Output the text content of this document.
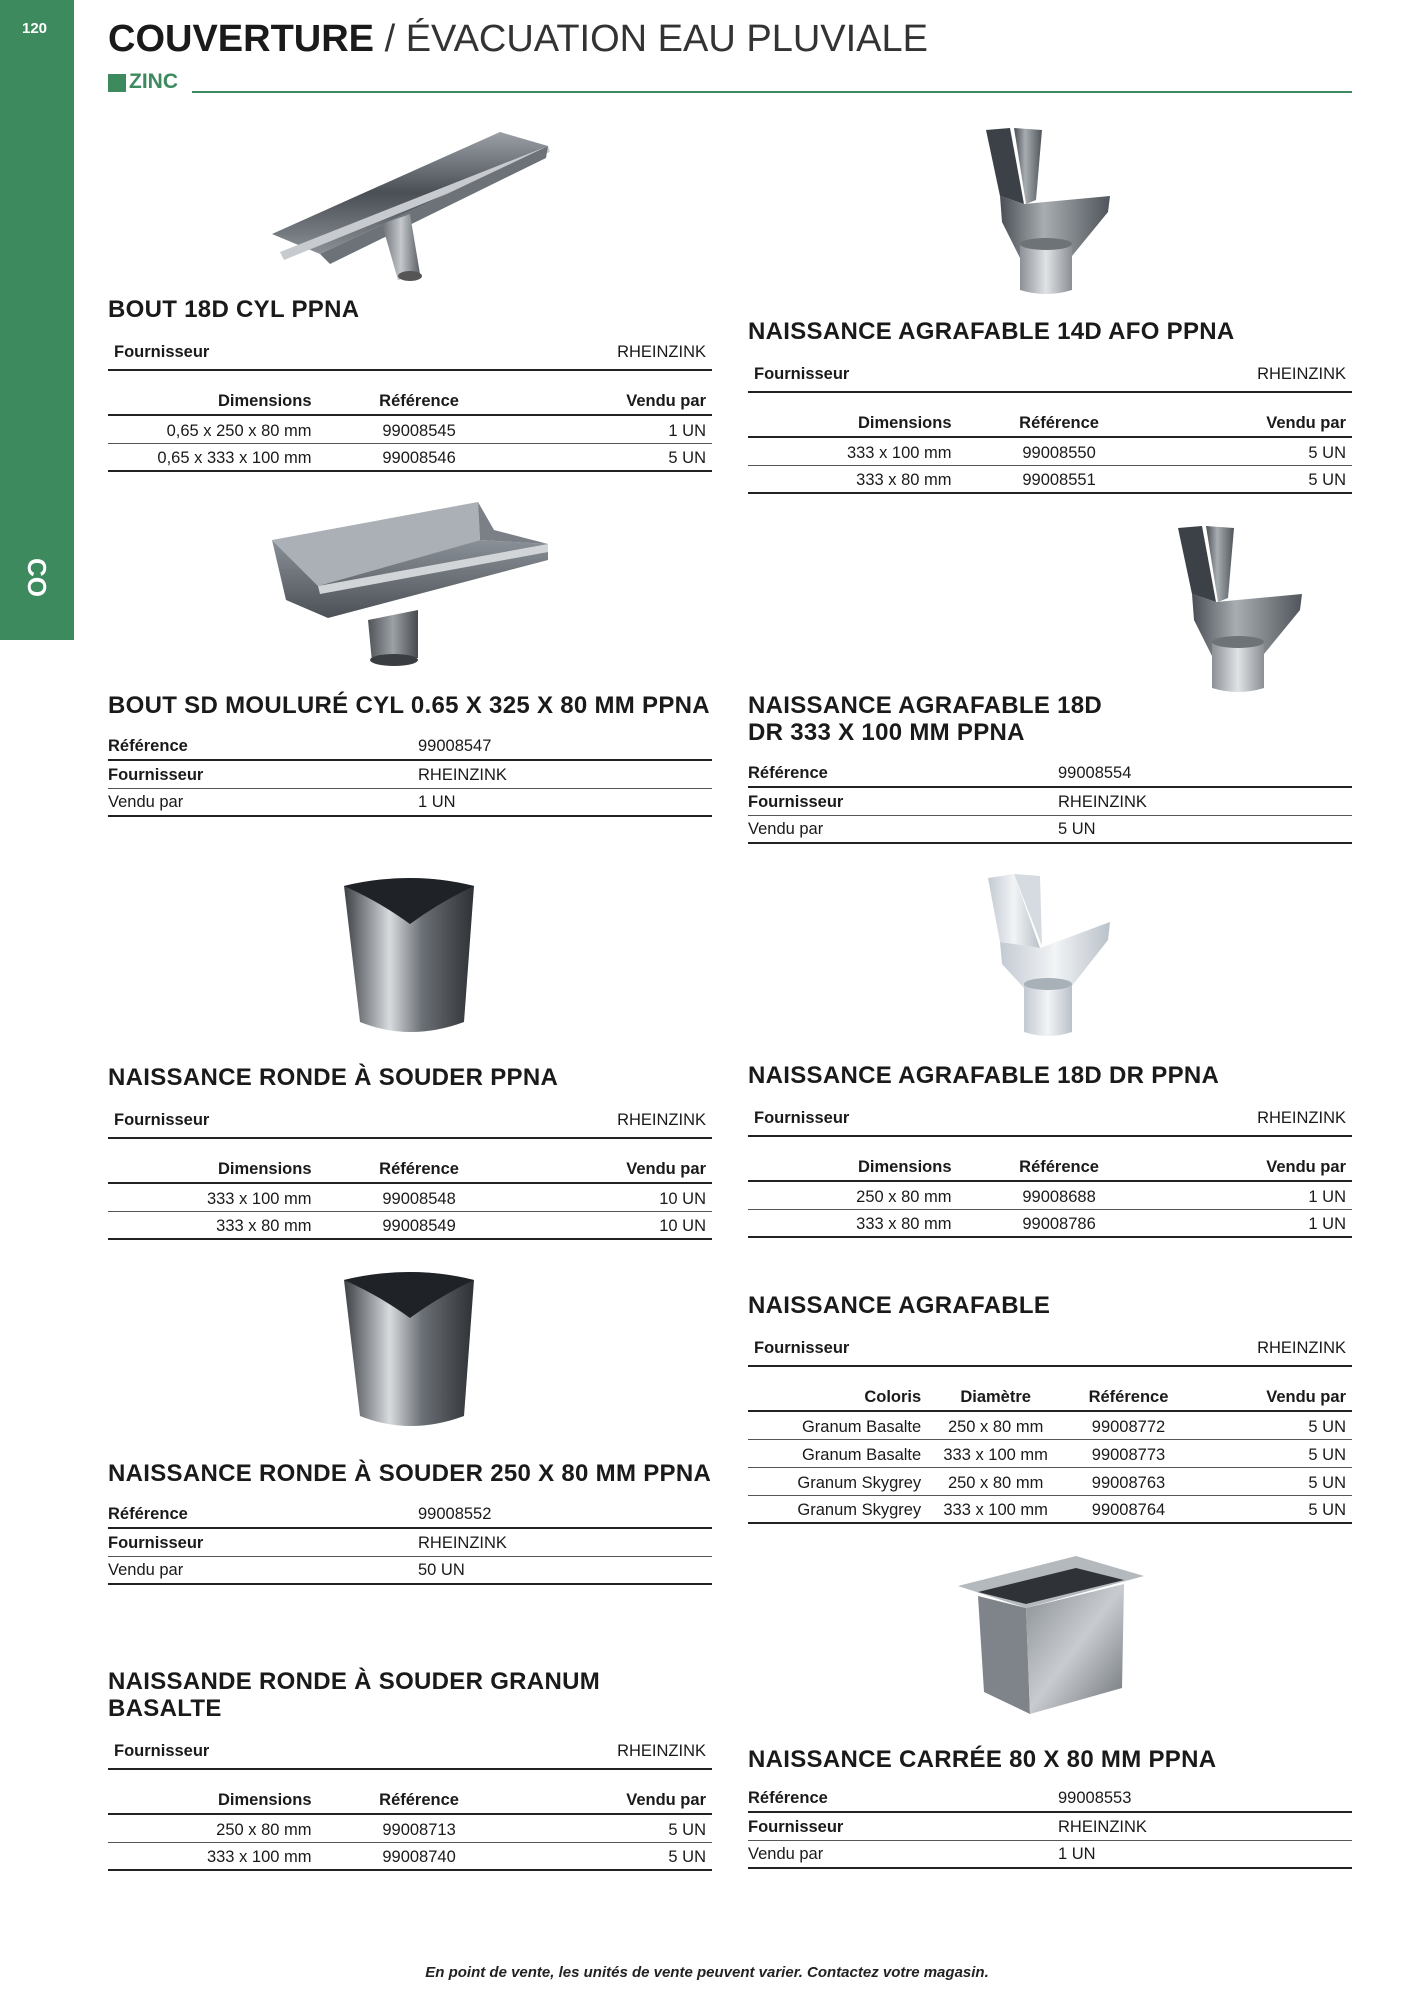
120
CO
COUVERTURE / ÉVACUATION EAU PLUVIALE
ZINC
BOUT 18D CYL PPNA
Fournisseur	RHEINZINK
Dimensions	Référence	Vendu par
0,65 x 250 x 80 mm	99008545	1 UN
0,65 x 333 x 100 mm	99008546	5 UN
BOUT SD MOULURÉ CYL 0.65 X 325 X 80 MM PPNA
Référence	99008547
Fournisseur	RHEINZINK
Vendu par	1 UN
NAISSANCE RONDE À SOUDER PPNA
Fournisseur	RHEINZINK
Dimensions	Référence	Vendu par
333 x 100 mm	99008548	10 UN
333 x 80 mm	99008549	10 UN
NAISSANCE RONDE À SOUDER 250 X 80 MM PPNA
Référence	99008552
Fournisseur	RHEINZINK
Vendu par	50 UN
NAISSANDE RONDE À SOUDER GRANUM BASALTE
Fournisseur	RHEINZINK
Dimensions	Référence	Vendu par
250 x 80 mm	99008713	5 UN
333 x 100 mm	99008740	5 UN
NAISSANCE AGRAFABLE 14D AFO PPNA
Fournisseur	RHEINZINK
Dimensions	Référence	Vendu par
333 x 100 mm	99008550	5 UN
333 x 80 mm	99008551	5 UN
NAISSANCE AGRAFABLE 18D DR 333 X 100 MM PPNA
Référence	99008554
Fournisseur	RHEINZINK
Vendu par	5 UN
NAISSANCE AGRAFABLE 18D DR PPNA
Fournisseur	RHEINZINK
Dimensions	Référence	Vendu par
250 x 80 mm	99008688	1 UN
333 x 80 mm	99008786	1 UN
NAISSANCE AGRAFABLE
Fournisseur	RHEINZINK
Coloris	Diamètre	Référence	Vendu par
Granum Basalte	250 x 80 mm	99008772	5 UN
Granum Basalte	333 x 100 mm	99008773	5 UN
Granum Skygrey	250 x 80 mm	99008763	5 UN
Granum Skygrey	333 x 100 mm	99008764	5 UN
NAISSANCE CARRÉE 80 X 80 MM PPNA
Référence	99008553
Fournisseur	RHEINZINK
Vendu par	1 UN
En point de vente, les unités de vente peuvent varier. Contactez votre magasin.
